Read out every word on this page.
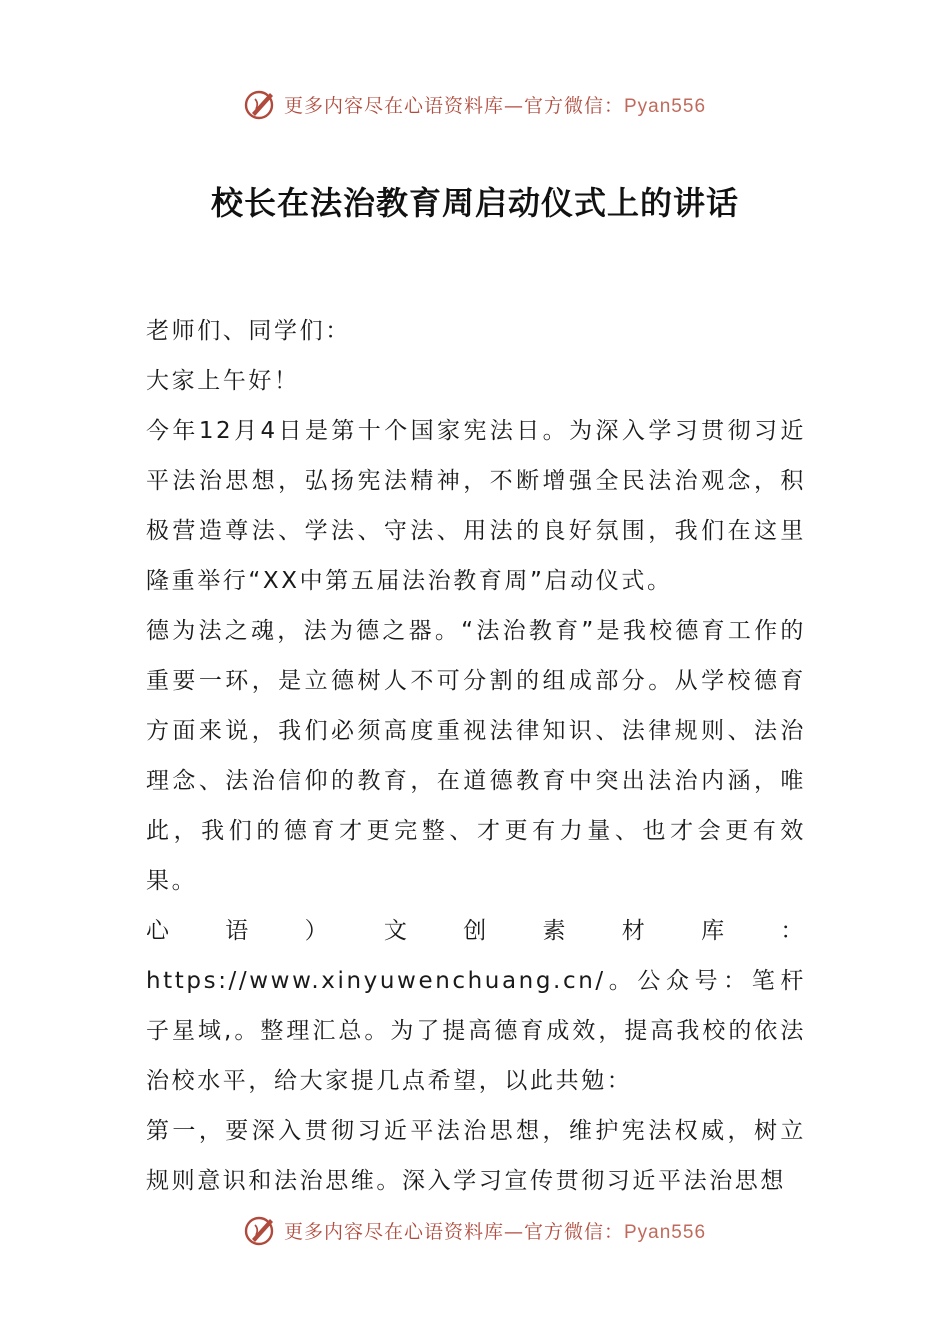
更多内容尽在心语资料库—官方微信：Pyan556
校长在法治教育周启动仪式上的讲话

老师们、同学们：

大家上午好！

今年12月4日是第十个国家宪法日。为深入学习贯彻习近平法治思想，弘扬宪法精神，不断增强全民法治观念，积极营造尊法、学法、守法、用法的良好氛围，我们在这里隆重举行“XX中第五届法治教育周”启动仪式。

德为法之魂，法为德之器。“法治教育”是我校德育工作的重要一环，是立德树人不可分割的组成部分。从学校德育方面来说，我们必须高度重视法律知识、法律规则、法治理念、法治信仰的教育，在道德教育中突出法治内涵，唯此，我们的德育才更完整、才更有力量、也才会更有效果。

心语）文创素材库：https://www.xinyuwenchuang.cn/。公众号：笔杆子星域,。整理汇总。为了提高德育成效，提高我校的依法治校水平，给大家提几点希望，以此共勉：

第一，要深入贯彻习近平法治思想，维护宪法权威，树立规则意识和法治思维。深入学习宣传贯彻习近平法治思想

更多内容尽在心语资料库—官方微信：Pyan556
